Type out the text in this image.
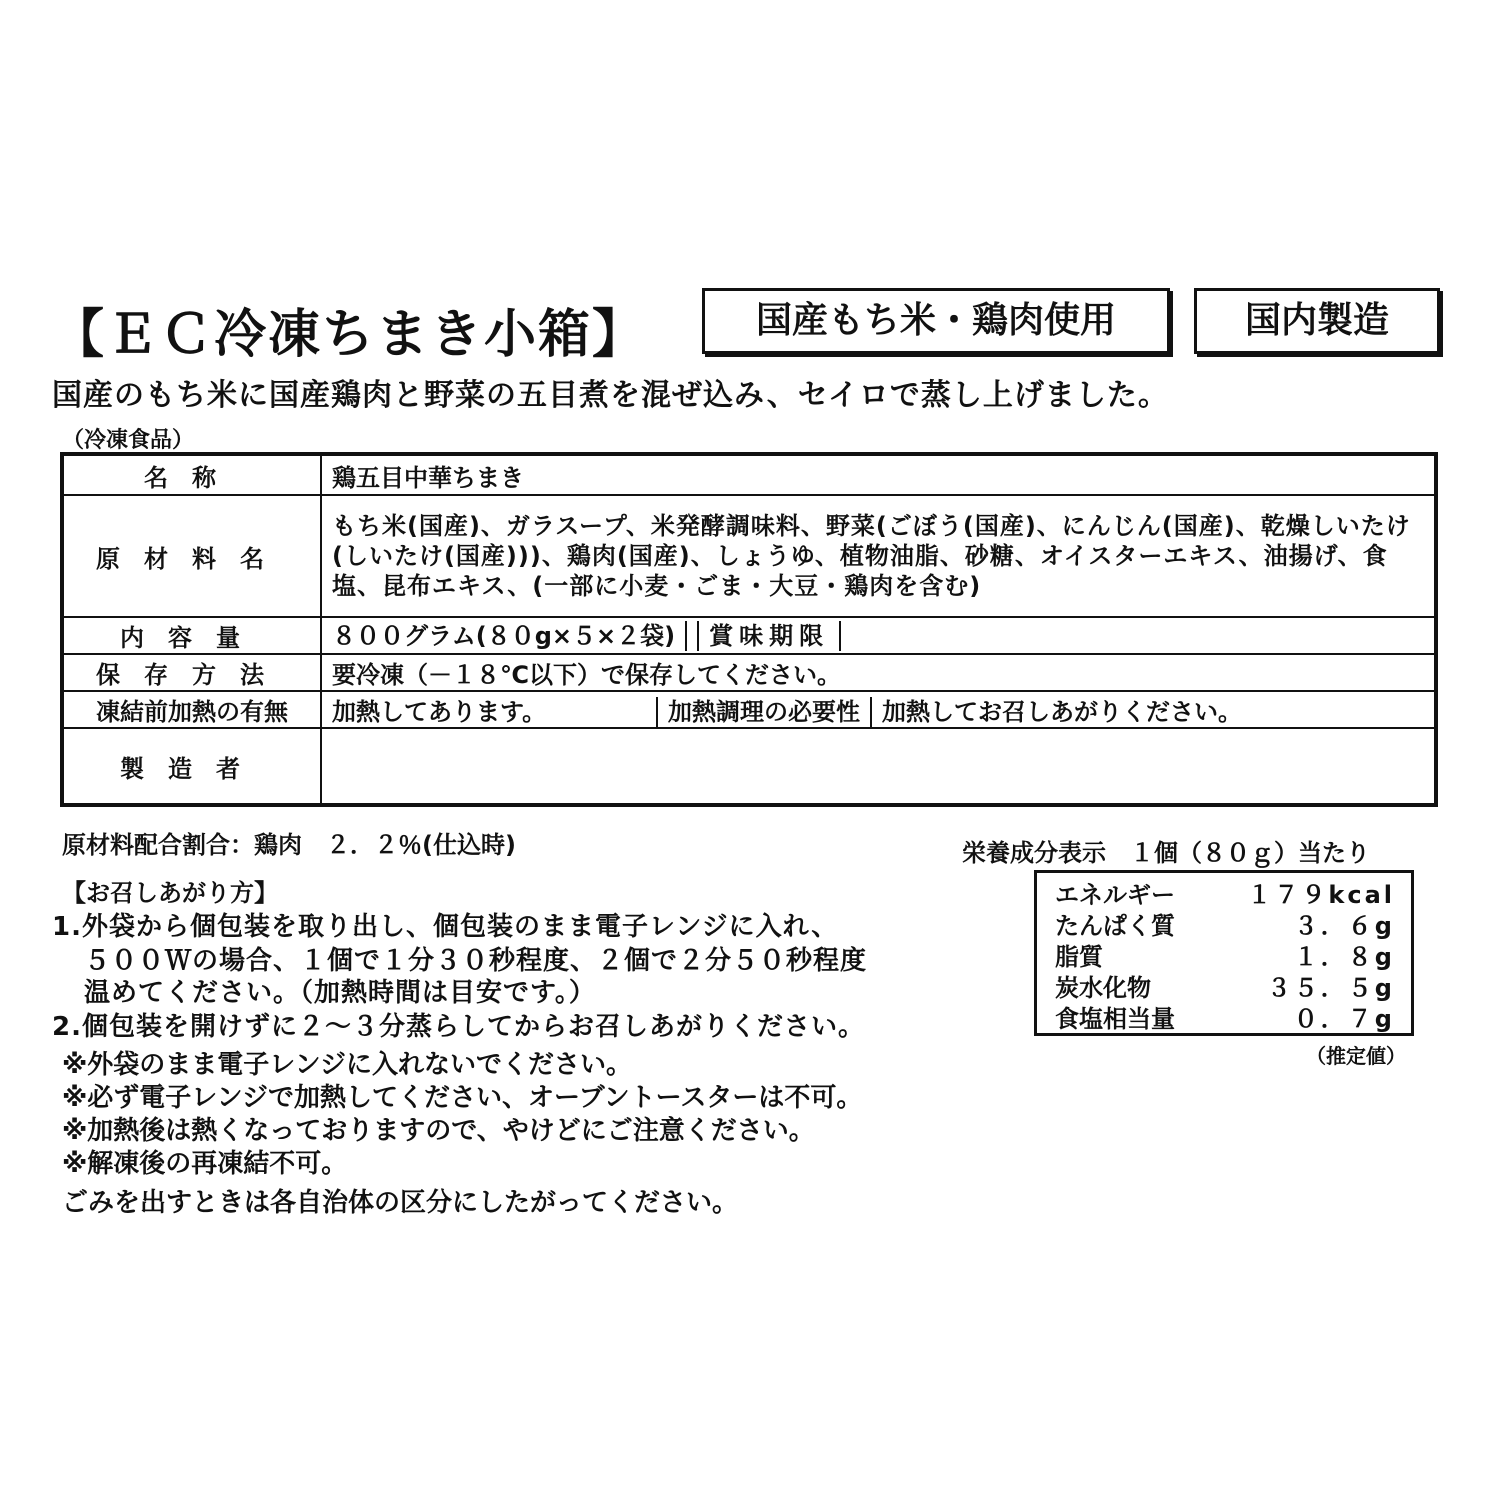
【ＥＣ冷凍ちまき小箱】	国産もち米・鶏肉使用	国内製造
国産のもち米に国産鶏肉と野菜の五目煮を混ぜ込み、セイロで蒸し上げました。
（冷凍食品）
名称	鶏五目中華ちまき
原材料名	もち米(国産)、ガラスープ、米発酵調味料、野菜(ごぼう(国産)、にんじん(国産)、乾燥しいたけ(しいたけ(国産)))、鶏肉(国産)、しょうゆ、植物油脂、砂糖、オイスターエキス、油揚げ、食塩、昆布エキス、(一部に小麦・ごま・大豆・鶏肉を含む)
内容量	８００グラム(８０g×５×２袋) 賞味期限
保存方法	要冷凍（－１８℃以下）で保存してください。
凍結前加熱の有無	加熱してあります。 加熱調理の必要性 加熱してお召しあがりください。
製造者	
原材料配合割合：鶏肉　２．２％(仕込時)	栄養成分表示　１個（８０ｇ）当たり
エネルギー	１７９kcal
たんぱく質	３．６g
脂質	１．８g
炭水化物	３５．５g
食塩相当量	０．７g
（推定値）
【お召しあがり方】
1.外袋から個包装を取り出し、個包装のまま電子レンジに入れ、
５００Ｗの場合、１個で１分３０秒程度、２個で２分５０秒程度
温めてください。（加熱時間は目安です。）
2.個包装を開けずに２～３分蒸らしてからお召しあがりください。
※外袋のまま電子レンジに入れないでください。
※必ず電子レンジで加熱してください、オーブントースターは不可。
※加熱後は熱くなっておりますので、やけどにご注意ください。
※解凍後の再凍結不可。
ごみを出すときは各自治体の区分にしたがってください。
